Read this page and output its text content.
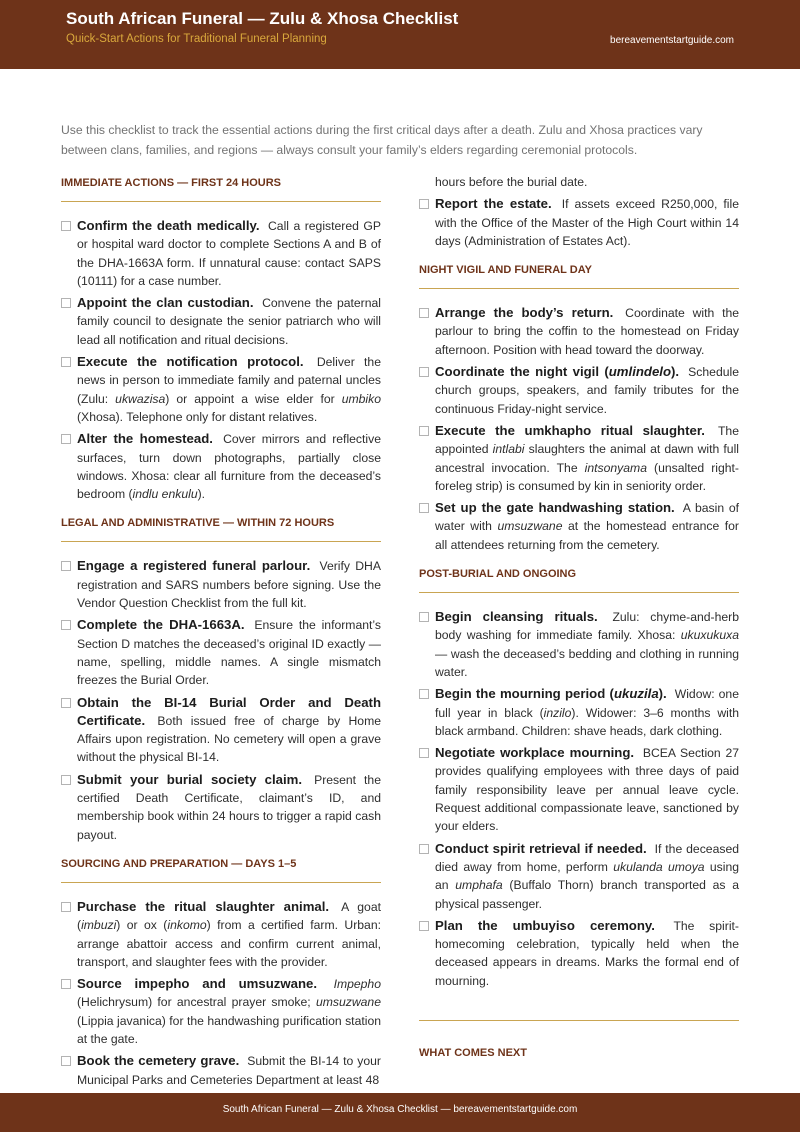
South African Funeral — Zulu & Xhosa Checklist
Quick-Start Actions for Traditional Funeral Planning	bereavementstartguide.com
Use this checklist to track the essential actions during the first critical days after a death. Zulu and Xhosa practices vary between clans, families, and regions — always consult your family’s elders regarding ceremonial protocols.
IMMEDIATE ACTIONS — FIRST 24 HOURS
Confirm the death medically. Call a registered GP or hospital ward doctor to complete Sections A and B of the DHA-1663A form. If unnatural cause: contact SAPS (10111) for a case number.
Appoint the clan custodian. Convene the paternal family council to designate the senior patriarch who will lead all notification and ritual decisions.
Execute the notification protocol. Deliver the news in person to immediate family and paternal uncles (Zulu: ukwazisa) or appoint a wise elder for umbiko (Xhosa). Telephone only for distant relatives.
Alter the homestead. Cover mirrors and reflective surfaces, turn down photographs, partially close windows. Xhosa: clear all furniture from the deceased’s bedroom (indlu enkulu).
LEGAL AND ADMINISTRATIVE — WITHIN 72 HOURS
Engage a registered funeral parlour. Verify DHA registration and SARS numbers before signing. Use the Vendor Question Checklist from the full kit.
Complete the DHA-1663A. Ensure the informant’s Section D matches the deceased’s original ID exactly — name, spelling, middle names. A single mismatch freezes the Burial Order.
Obtain the BI-14 Burial Order and Death Certificate. Both issued free of charge by Home Affairs upon registration. No cemetery will open a grave without the physical BI-14.
Submit your burial society claim. Present the certified Death Certificate, claimant’s ID, and membership book within 24 hours to trigger a rapid cash payout.
SOURCING AND PREPARATION — DAYS 1–5
Purchase the ritual slaughter animal. A goat (imbuzi) or ox (inkomo) from a certified farm. Urban: arrange abattoir access and confirm current animal, transport, and slaughter fees with the provider.
Source impepho and umsuzwane. Impepho (Helichrysum) for ancestral prayer smoke; umsuzwane (Lippia javanica) for the handwashing purification station at the gate.
Book the cemetery grave. Submit the BI-14 to your Municipal Parks and Cemeteries Department at least 48
hours before the burial date.
Report the estate. If assets exceed R250,000, file with the Office of the Master of the High Court within 14 days (Administration of Estates Act).
NIGHT VIGIL AND FUNERAL DAY
Arrange the body’s return. Coordinate with the parlour to bring the coffin to the homestead on Friday afternoon. Position with head toward the doorway.
Coordinate the night vigil (umlindelo). Schedule church groups, speakers, and family tributes for the continuous Friday-night service.
Execute the umkhapho ritual slaughter. The appointed intlabi slaughters the animal at dawn with full ancestral invocation. The intsonyama (unsalted right-foreleg strip) is consumed by kin in seniority order.
Set up the gate handwashing station. A basin of water with umsuzwane at the homestead entrance for all attendees returning from the cemetery.
POST-BURIAL AND ONGOING
Begin cleansing rituals. Zulu: chyme-and-herb body washing for immediate family. Xhosa: ukuxukuxa — wash the deceased’s bedding and clothing in running water.
Begin the mourning period (ukuzila). Widow: one full year in black (inzilo). Widower: 3–6 months with black armband. Children: shave heads, dark clothing.
Negotiate workplace mourning. BCEA Section 27 provides qualifying employees with three days of paid family responsibility leave per annual leave cycle. Request additional compassionate leave, sanctioned by your elders.
Conduct spirit retrieval if needed. If the deceased died away from home, perform ukulanda umoya using an umphafa (Buffalo Thorn) branch transported as a physical passenger.
Plan the umbuyiso ceremony. The spirit-homecoming celebration, typically held when the deceased appears in dreams. Marks the formal end of mourning.
WHAT COMES NEXT
South African Funeral — Zulu & Xhosa Checklist — bereavementstartguide.com
